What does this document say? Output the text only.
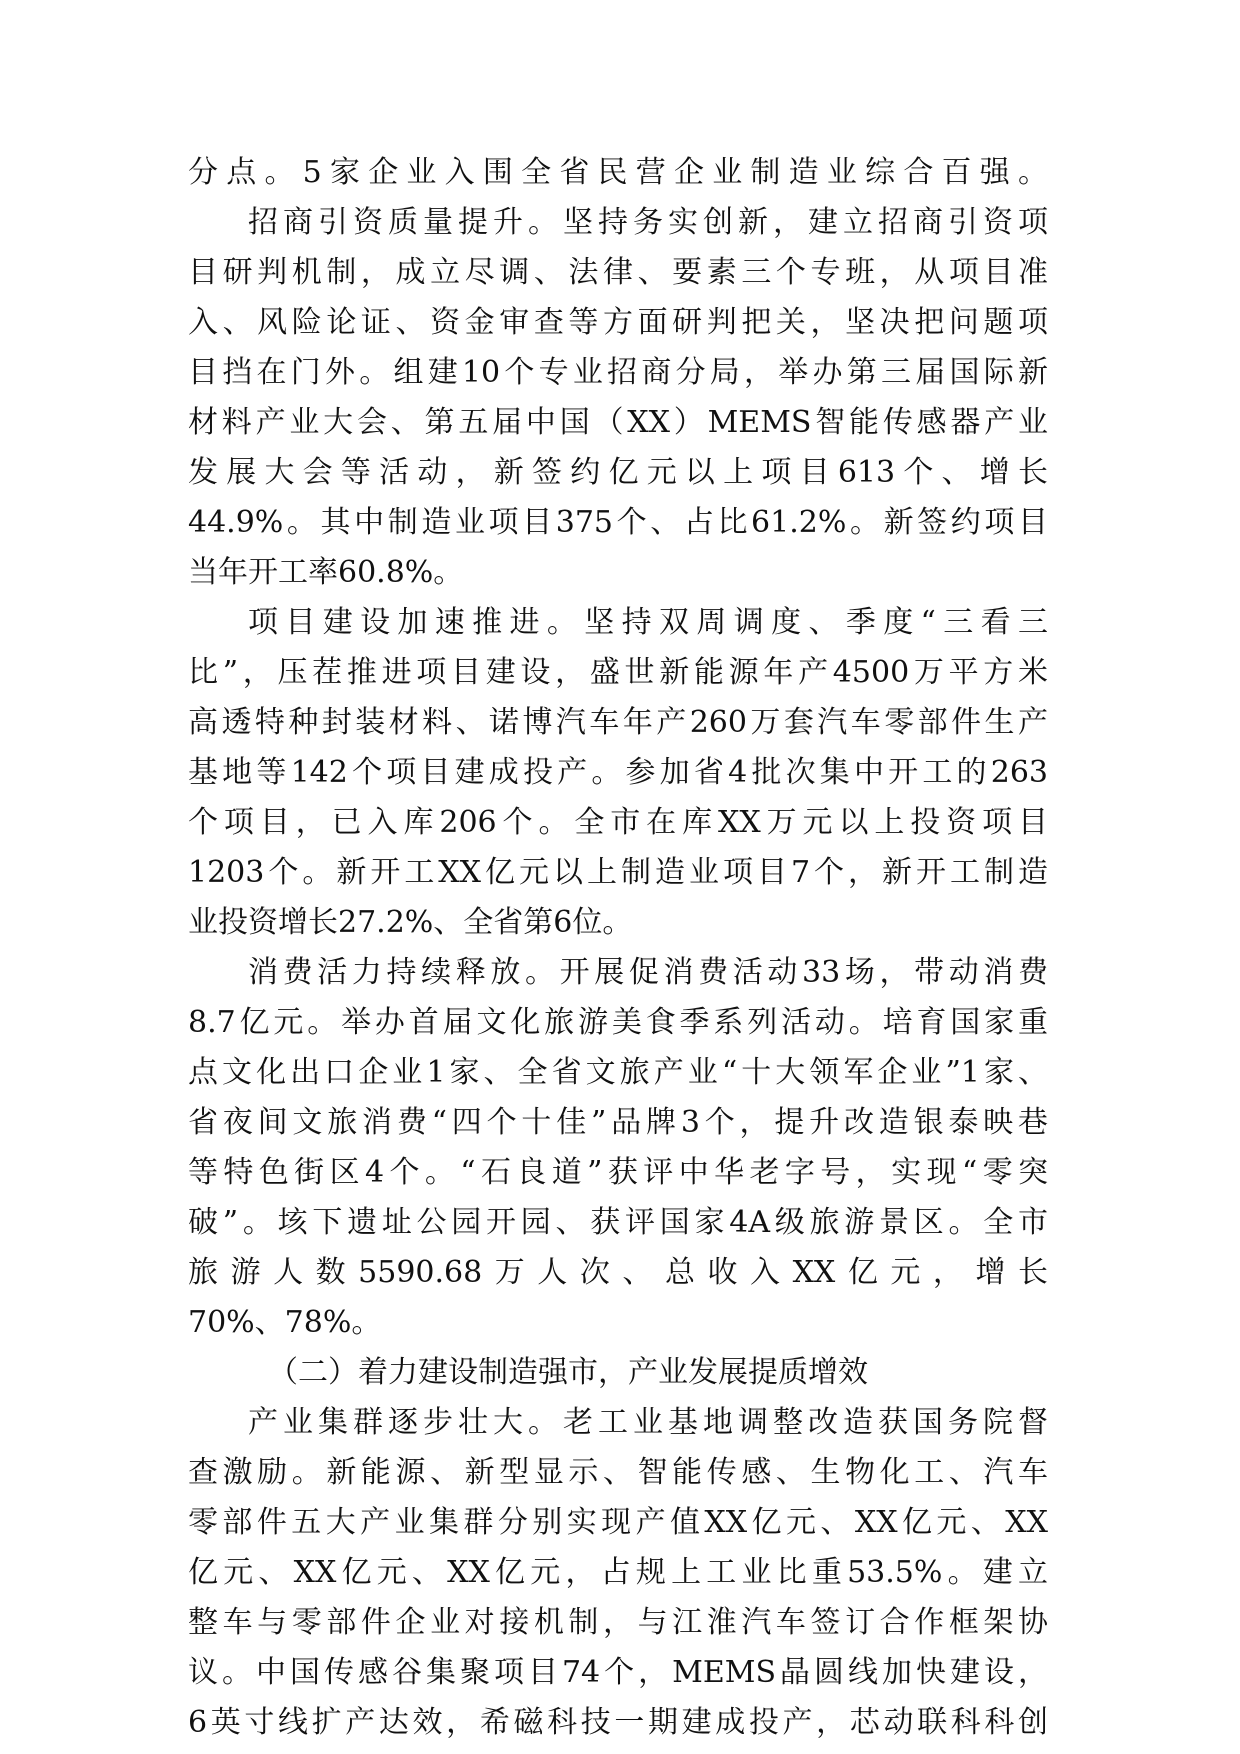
分点。5家企业入围全省民营企业制造业综合百强。
招商引资质量提升。坚持务实创新，建立招商引资项
目研判机制，成立尽调、法律、要素三个专班，从项目准
入、风险论证、资金审查等方面研判把关，坚决把问题项
目挡在门外。组建10个专业招商分局，举办第三届国际新
材料产业大会、第五届中国（XX）MEMS智能传感器产业
发展大会等活动，新签约亿元以上项目613个、增长
44.9%。其中制造业项目375个、占比61.2%。新签约项目
当年开工率60.8%。
项目建设加速推进。坚持双周调度、季度“三看三
比”，压茬推进项目建设，盛世新能源年产4500万平方米
高透特种封装材料、诺博汽车年产260万套汽车零部件生产
基地等142个项目建成投产。参加省4批次集中开工的263
个项目，已入库206个。全市在库XX万元以上投资项目
1203个。新开工XX亿元以上制造业项目7个，新开工制造
业投资增长27.2%、全省第6位。
消费活力持续释放。开展促消费活动33场，带动消费
8.7亿元。举办首届文化旅游美食季系列活动。培育国家重
点文化出口企业1家、全省文旅产业“十大领军企业”1家、
省夜间文旅消费“四个十佳”品牌3个，提升改造银泰映巷
等特色街区4个。“石良道”获评中华老字号，实现“零突
破”。垓下遗址公园开园、获评国家4A级旅游景区。全市
旅游人数5590.68万人次、总收入XX亿元，增长
70%、78%。
（二）着力建设制造强市，产业发展提质增效
产业集群逐步壮大。老工业基地调整改造获国务院督
查激励。新能源、新型显示、智能传感、生物化工、汽车
零部件五大产业集群分别实现产值XX亿元、XX亿元、XX
亿元、XX亿元、XX亿元，占规上工业比重53.5%。建立
整车与零部件企业对接机制，与江淮汽车签订合作框架协
议。中国传感谷集聚项目74个，MEMS晶圆线加快建设，
6英寸线扩产达效，希磁科技一期建成投产，芯动联科科创
